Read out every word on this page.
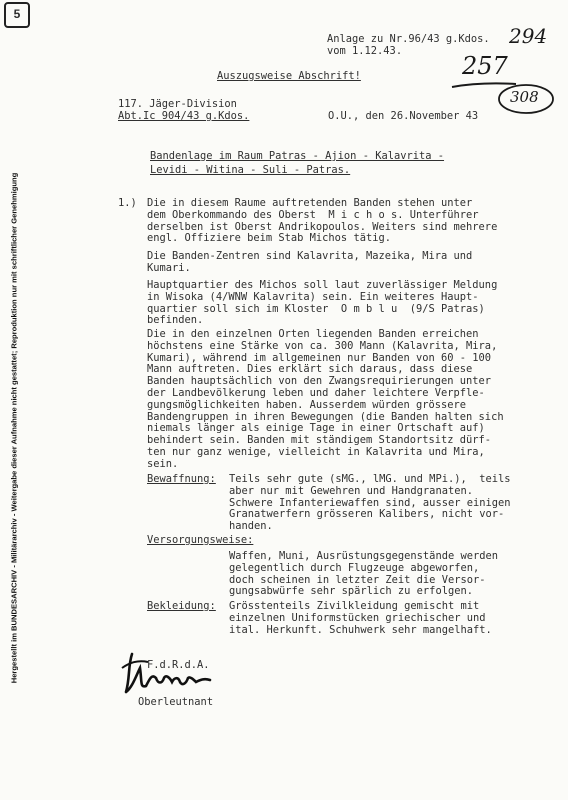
5
Hergestellt im BUNDESARCHIV - Militärarchiv - Weitergabe dieser Aufnahme nicht gestattet; Reproduktion nur mit schriftlicher Genehmigung
Anlage zu Nr.96/43 g.Kdos.
vom 1.12.43.
294
257
308
Auszugsweise Abschrift!
117. Jäger-Division
Abt.Ic 904/43 g.Kdos.	O.U., den 26.November 43
Bandenlage im Raum Patras - Ajion - Kalavrita -
Levidi - Witina - Suli - Patras.
1.) Die in diesem Raume auftretenden Banden stehen unter
dem Oberkommando des Oberst  M i c h o s. Unterführer
derselben ist Oberst Andrikopoulos. Weiters sind mehrere
engl. Offiziere beim Stab Michos tätig.
Die Banden-Zentren sind Kalavrita, Mazeika, Mira und
Kumari.
Hauptquartier des Michos soll laut zuverlässiger Meldung
in Wisoka (4/WNW Kalavrita) sein. Ein weiteres Haupt-
quartier soll sich im Kloster  O m b l u  (9/S Patras)
befinden.
Die in den einzelnen Orten liegenden Banden erreichen
höchstens eine Stärke von ca. 300 Mann (Kalavrita, Mira,
Kumari), während im allgemeinen nur Banden von 60 - 100
Mann auftreten. Dies erklärt sich daraus, dass diese
Banden hauptsächlich von den Zwangsrequirierungen unter
der Landbevölkerung leben und daher leichtere Verpfle-
gungsmöglichkeiten haben. Ausserdem würden grössere
Bandengruppen in ihren Bewegungen (die Banden halten sich
niemals länger als einige Tage in einer Ortschaft auf)
behindert sein. Banden mit ständigem Standortsitz dürf-
ten nur ganz wenige, vielleicht in Kalavrita und Mira,
sein.
Bewaffnung: Teils sehr gute (sMG., lMG. und MPi.),  teils
aber nur mit Gewehren und Handgranaten.
Schwere Infanteriewaffen sind, ausser einigen
Granatwerfern grösseren Kalibers, nicht vor-
handen.
Versorgungsweise:
Waffen, Muni, Ausrüstungsgegenstände werden
gelegentlich durch Flugzeuge abgeworfen,
doch scheinen in letzter Zeit die Versor-
gungsabwürfe sehr spärlich zu erfolgen.
Bekleidung: Grösstenteils Zivilkleidung gemischt mit
einzelnen Uniformstücken griechischer und
ital. Herkunft. Schuhwerk sehr mangelhaft.
F.d.R.d.A.
Oberleutnant
